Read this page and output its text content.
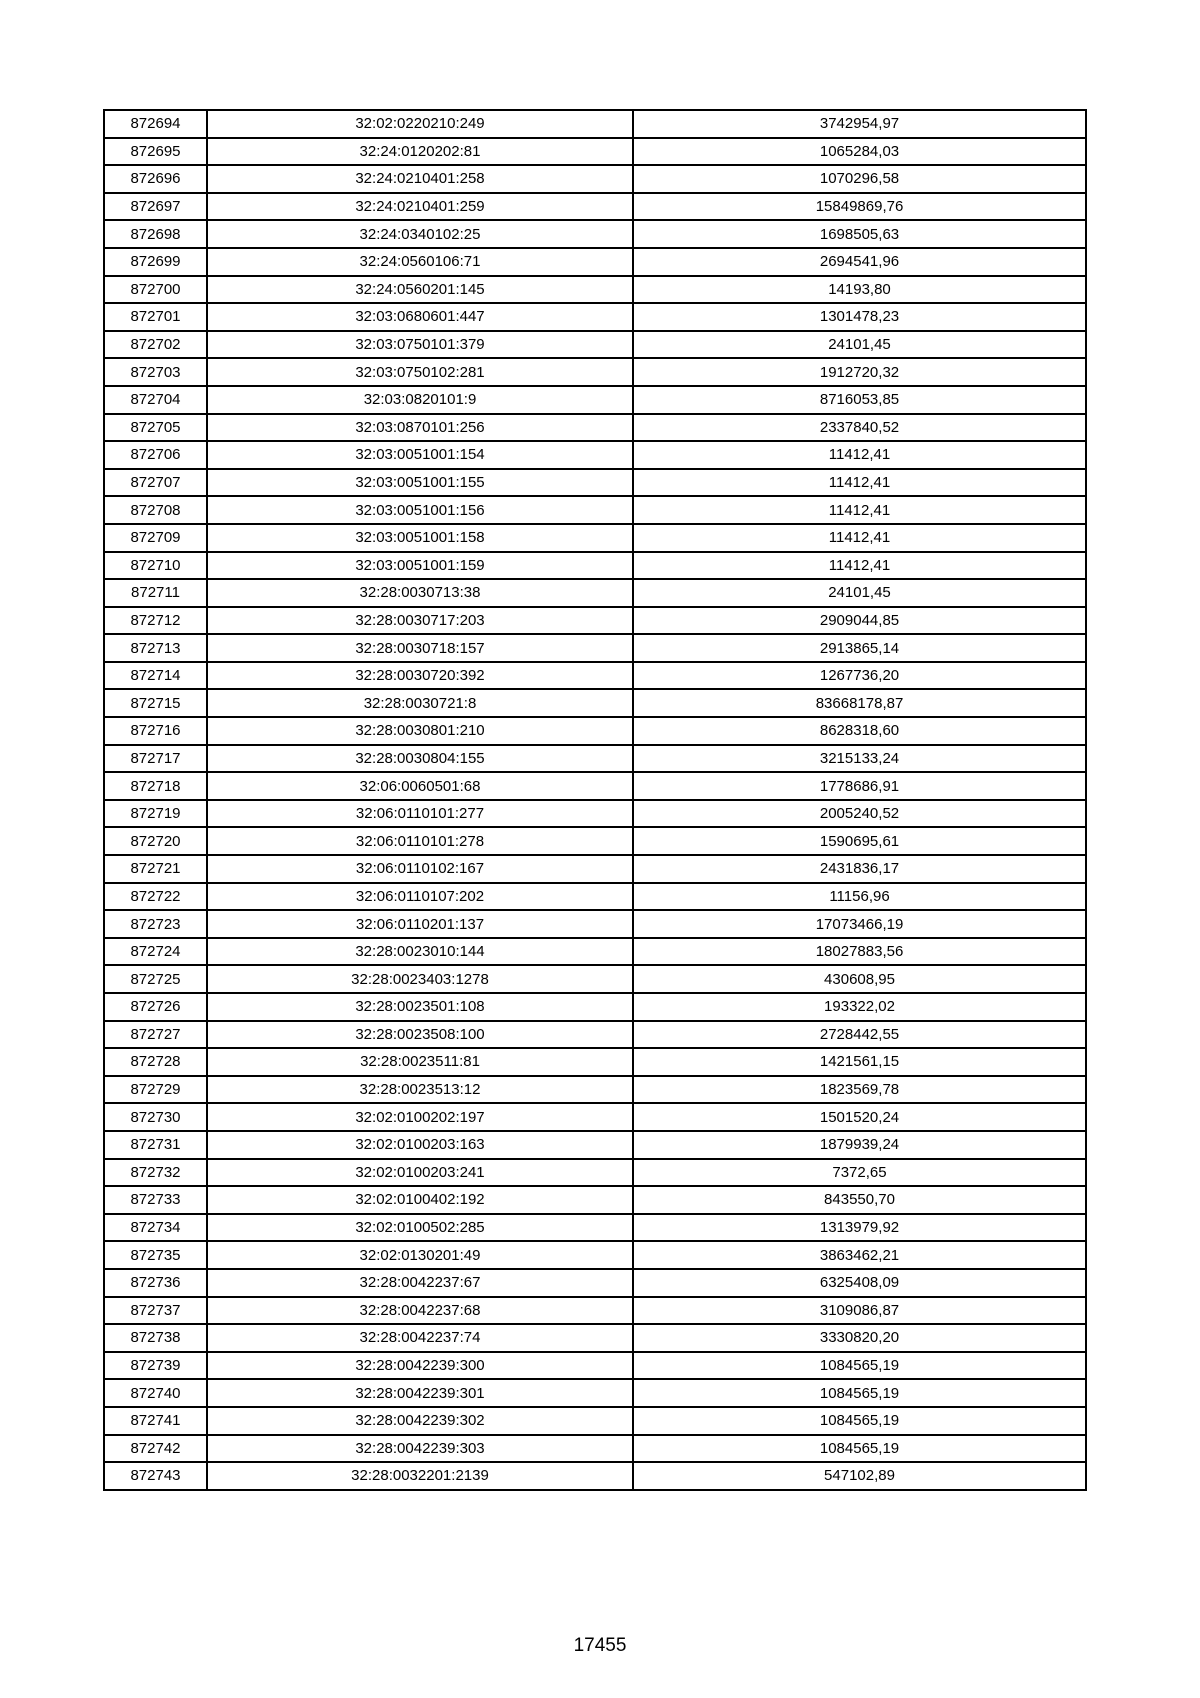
872694	32:02:0220210:249	3742954,97
872695	32:24:0120202:81	1065284,03
872696	32:24:0210401:258	1070296,58
872697	32:24:0210401:259	15849869,76
872698	32:24:0340102:25	1698505,63
872699	32:24:0560106:71	2694541,96
872700	32:24:0560201:145	14193,80
872701	32:03:0680601:447	1301478,23
872702	32:03:0750101:379	24101,45
872703	32:03:0750102:281	1912720,32
872704	32:03:0820101:9	8716053,85
872705	32:03:0870101:256	2337840,52
872706	32:03:0051001:154	11412,41
872707	32:03:0051001:155	11412,41
872708	32:03:0051001:156	11412,41
872709	32:03:0051001:158	11412,41
872710	32:03:0051001:159	11412,41
872711	32:28:0030713:38	24101,45
872712	32:28:0030717:203	2909044,85
872713	32:28:0030718:157	2913865,14
872714	32:28:0030720:392	1267736,20
872715	32:28:0030721:8	83668178,87
872716	32:28:0030801:210	8628318,60
872717	32:28:0030804:155	3215133,24
872718	32:06:0060501:68	1778686,91
872719	32:06:0110101:277	2005240,52
872720	32:06:0110101:278	1590695,61
872721	32:06:0110102:167	2431836,17
872722	32:06:0110107:202	11156,96
872723	32:06:0110201:137	17073466,19
872724	32:28:0023010:144	18027883,56
872725	32:28:0023403:1278	430608,95
872726	32:28:0023501:108	193322,02
872727	32:28:0023508:100	2728442,55
872728	32:28:0023511:81	1421561,15
872729	32:28:0023513:12	1823569,78
872730	32:02:0100202:197	1501520,24
872731	32:02:0100203:163	1879939,24
872732	32:02:0100203:241	7372,65
872733	32:02:0100402:192	843550,70
872734	32:02:0100502:285	1313979,92
872735	32:02:0130201:49	3863462,21
872736	32:28:0042237:67	6325408,09
872737	32:28:0042237:68	3109086,87
872738	32:28:0042237:74	3330820,20
872739	32:28:0042239:300	1084565,19
872740	32:28:0042239:301	1084565,19
872741	32:28:0042239:302	1084565,19
872742	32:28:0042239:303	1084565,19
872743	32:28:0032201:2139	547102,89
17455
